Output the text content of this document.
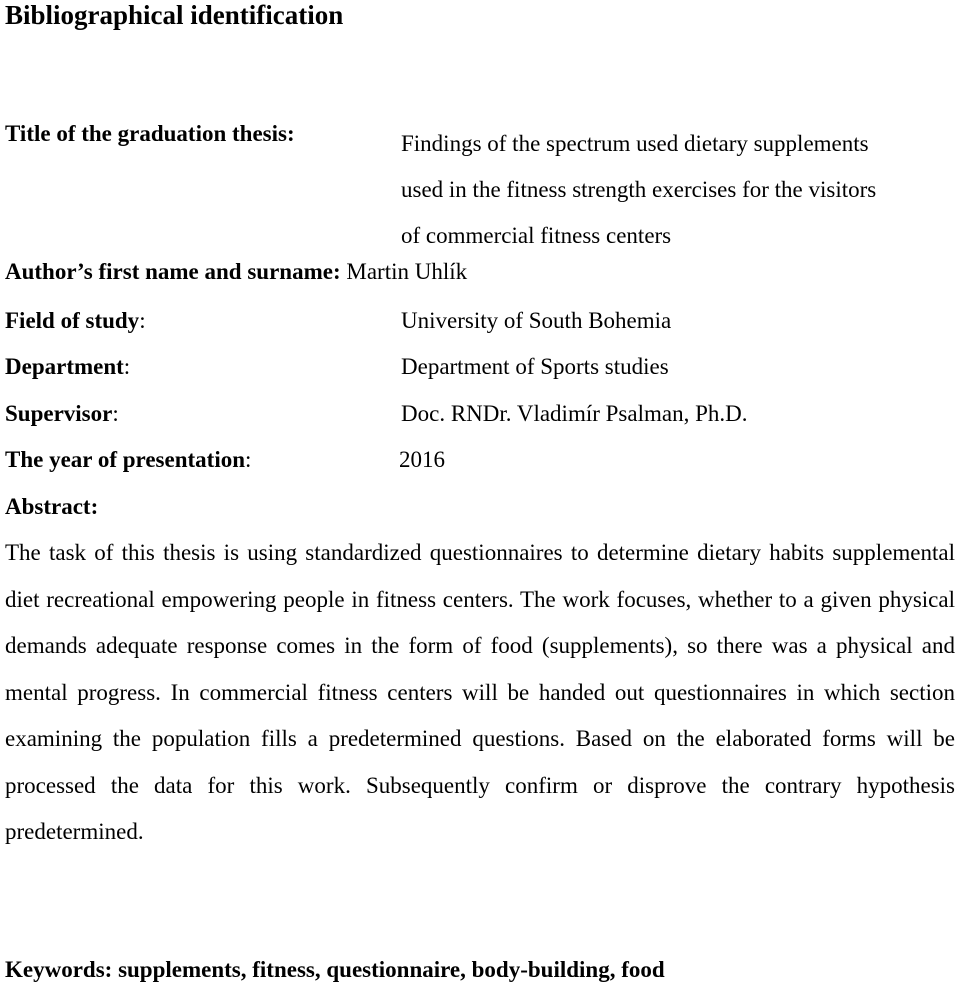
Bibliographical identification
Title of the graduation thesis:	Findings of the spectrum used dietary supplements
used in the fitness strength exercises for the visitors
of commercial fitness centers
Author’s first name and surname: Martin Uhlík
Field of study:	University of South Bohemia
Department:	Department of Sports studies
Supervisor:	Doc. RNDr. Vladimír Psalman, Ph.D.
The year of presentation:	2016
Abstract:
The task of this thesis is using standardized questionnaires to determine dietary habits supplemental diet recreational empowering people in fitness centers. The work focuses, whether to a given physical demands adequate response comes in the form of food (supplements), so there was a physical and mental progress. In commercial fitness centers will be handed out questionnaires in which section examining the population fills a predetermined questions. Based on the elaborated forms will be processed the data for this work. Subsequently confirm or disprove the contrary hypothesis predetermined.
Keywords: supplements, fitness, questionnaire, body-building, food
